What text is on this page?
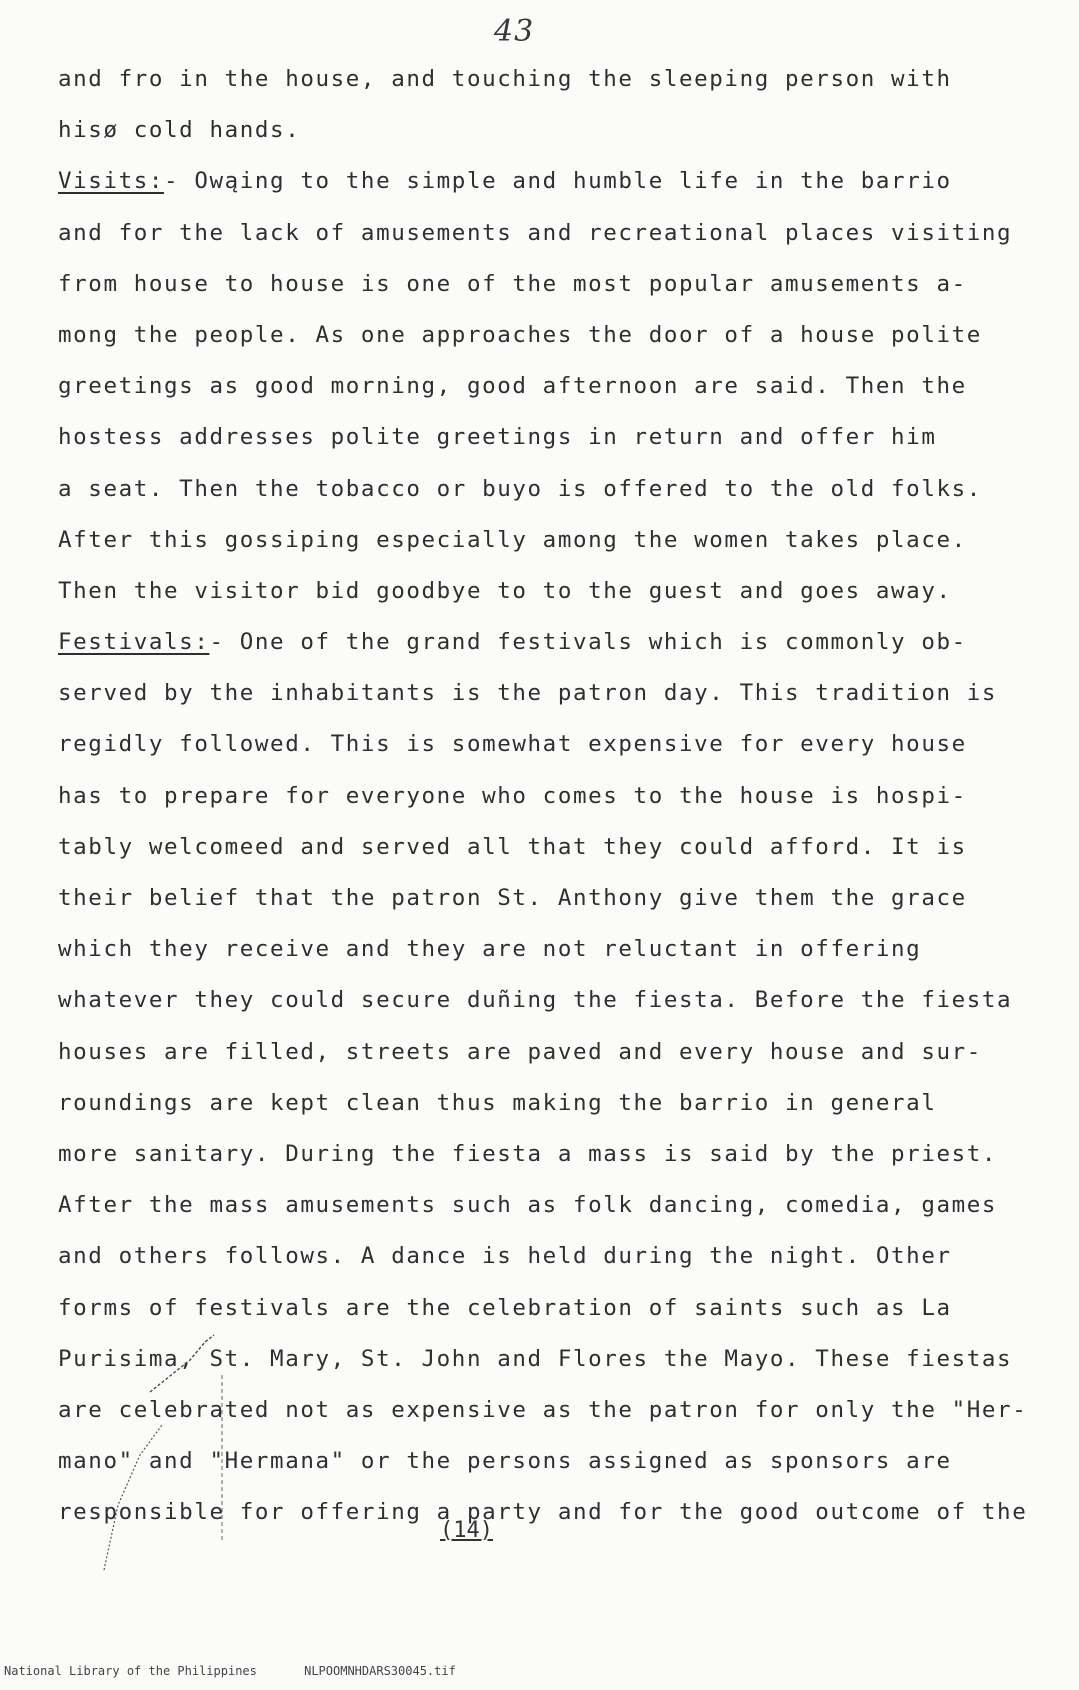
43
and fro in the house, and touching the sleeping person with
hisø cold hands.
Visits:- Owąing to the simple and humble life in the barrio
and for the lack of amusements and recreational places visiting
from house to house is one of the most popular amusements a-
mong the people. As one approaches the door of a house polite
greetings as good morning, good afternoon are said. Then the
hostess addresses polite greetings in return and offer him
a seat. Then the tobacco or buyo is offered to the old folks.
After this gossiping especially among the women takes place.
Then the visitor bid goodbye to to the guest and goes away.
Festivals:- One of the grand festivals which is commonly ob-
served by the inhabitants is the patron day. This tradition is
regidly followed. This is somewhat expensive for every house
has to prepare for everyone who comes to the house is hospi-
tably welcomeed and served all that they could afford. It is
their belief that the patron St. Anthony give them the grace
which they receive and they are not reluctant in offering
whatever they could secure duñing the fiesta. Before the fiesta
houses are filled, streets are paved and every house and sur-
roundings are kept clean thus making the barrio in general
more sanitary. During the fiesta a mass is said by the priest.
After the mass amusements such as folk dancing, comedia, games
and others follows. A dance is held during the night. Other
forms of festivals are the celebration of saints such as La
Purisima, St. Mary, St. John and Flores the Mayo. These fiestas
are celebrated not as expensive as the patron for only the "Her-
mano" and "Hermana" or the persons assigned as sponsors are
responsible for offering a party and for the good outcome of the
(14)
National Library of the Philippines	NLPOOMNHDARS30045.tif
